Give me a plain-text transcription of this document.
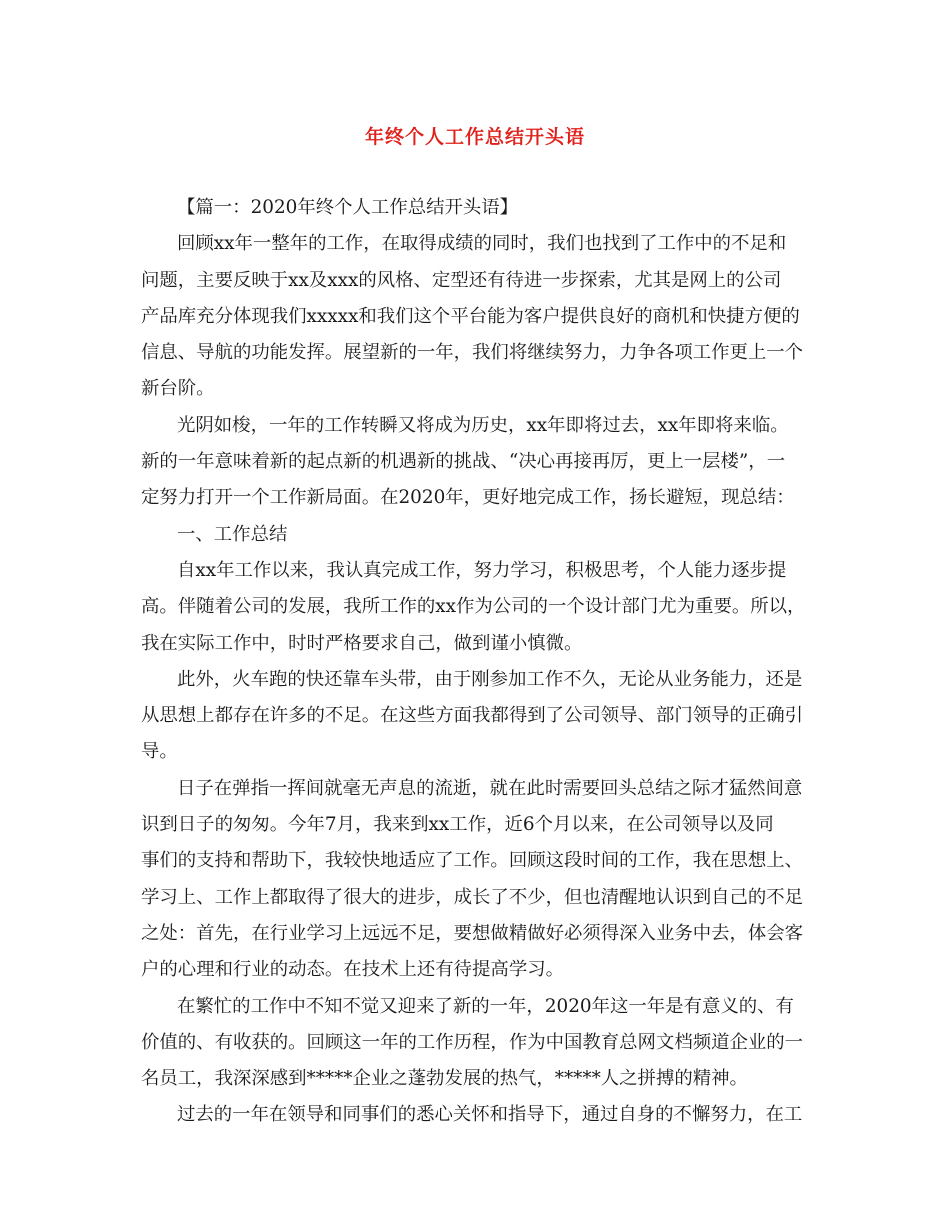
年终个人工作总结开头语
【篇一：2020年终个人工作总结开头语】
回顾xx年一整年的工作，在取得成绩的同时，我们也找到了工作中的不足和
问题，主要反映于xx及xxx的风格、定型还有待进一步探索，尤其是网上的公司
产品库充分体现我们xxxxx和我们这个平台能为客户提供良好的商机和快捷方便的
信息、导航的功能发挥。展望新的一年，我们将继续努力，力争各项工作更上一个
新台阶。
光阴如梭，一年的工作转瞬又将成为历史，xx年即将过去，xx年即将来临。
新的一年意味着新的起点新的机遇新的挑战、“决心再接再厉，更上一层楼”，一
定努力打开一个工作新局面。在2020年，更好地完成工作，扬长避短，现总结：
一、工作总结
自xx年工作以来，我认真完成工作，努力学习，积极思考，个人能力逐步提
高。伴随着公司的发展，我所工作的xx作为公司的一个设计部门尤为重要。所以，
我在实际工作中，时时严格要求自己，做到谨小慎微。
此外，火车跑的快还靠车头带，由于刚参加工作不久，无论从业务能力，还是
从思想上都存在许多的不足。在这些方面我都得到了公司领导、部门领导的正确引
导。
日子在弹指一挥间就毫无声息的流逝，就在此时需要回头总结之际才猛然间意
识到日子的匆匆。今年7月，我来到xx工作，近6个月以来，在公司领导以及同
事们的支持和帮助下，我较快地适应了工作。回顾这段时间的工作，我在思想上、
学习上、工作上都取得了很大的进步，成长了不少，但也清醒地认识到自己的不足
之处：首先，在行业学习上远远不足，要想做精做好必须得深入业务中去，体会客
户的心理和行业的动态。在技术上还有待提高学习。
在繁忙的工作中不知不觉又迎来了新的一年，2020年这一年是有意义的、有
价值的、有收获的。回顾这一年的工作历程，作为中国教育总网文档频道企业的一
名员工，我深深感到*****企业之蓬勃发展的热气，*****人之拼搏的精神。
过去的一年在领导和同事们的悉心关怀和指导下，通过自身的不懈努力，在工
